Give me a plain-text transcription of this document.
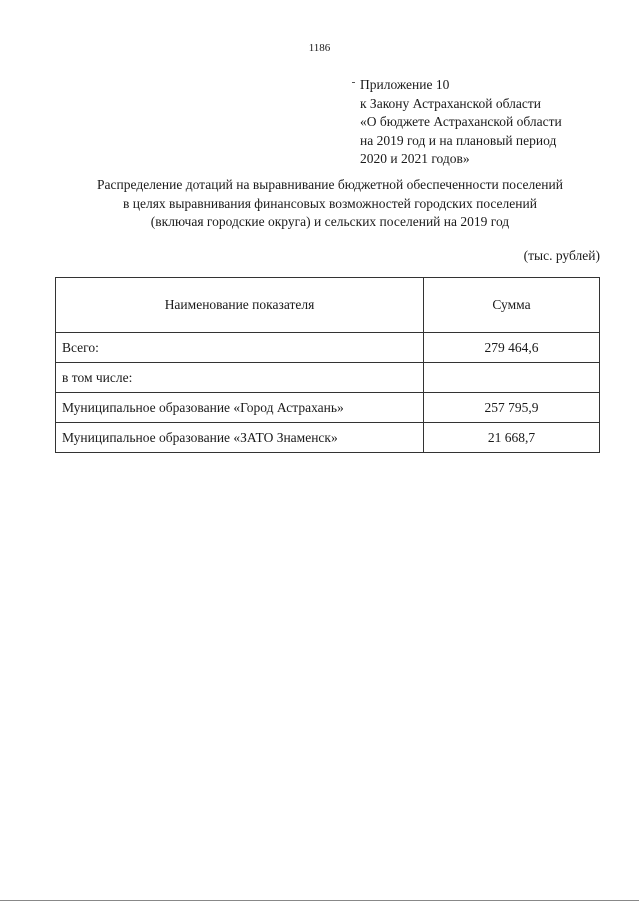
1186
Приложение 10
к Закону Астраханской области
«О бюджете Астраханской области
на 2019 год и на плановый период
2020 и 2021 годов»
Распределение дотаций на выравнивание бюджетной обеспеченности поселений
в целях выравнивания финансовых возможностей городских поселений
(включая городские округа) и сельских поселений на 2019 год
(тыс. рублей)
Наименование показателя	Сумма
Всего:	279 464,6
в том числе:	
Муниципальное образование «Город Астрахань»	257 795,9
Муниципальное образование «ЗАТО Знаменск»	21 668,7
